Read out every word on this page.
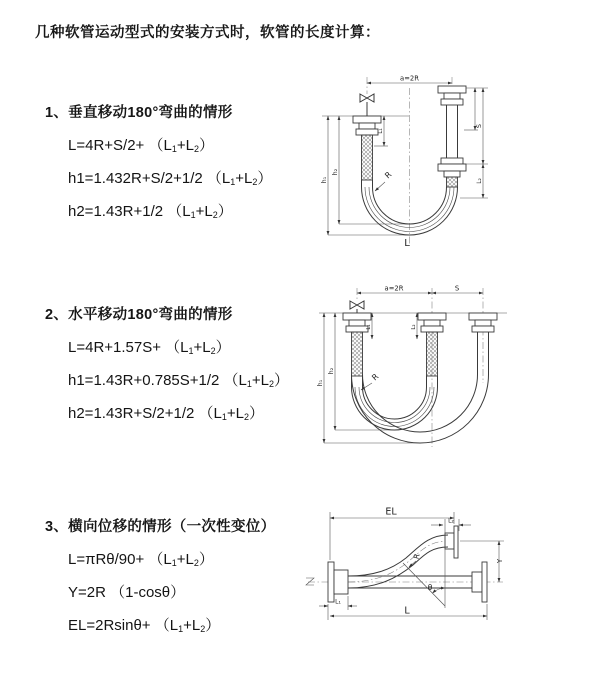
几种软管运动型式的安装方式时，软管的长度计算：
1、垂直移动180°弯曲的情形
$L=4R+S/2+ (L_1+L_2)$
h1=1.432R+S/2+1/2 $(L_1+L_2)$
h2=1.43R+1/2 $(L_1+L_2)$
a=2R
h₁
h₂
L₁
S
L₂
R
L
2、水平移动180°弯曲的情形
$L=4R+1.57S+ (L_1+L_2)$
h1=1.43R+0.785S+1/2 $(L_1+L_2)$
h2=1.43R+S/2+1/2 $(L_1+L_2)$
a=2R	S
h₁
h₂
L₁	L₂
R
3、横向位移的情形（一次性变位）
$L=\pi R\theta/90+ (L_1+L_2)$
Y=2R （1-cosθ）
$EL=2Rsin\theta+ (L_1+L_2)$
EL
L₂
Y
L
L₁
R
θ
